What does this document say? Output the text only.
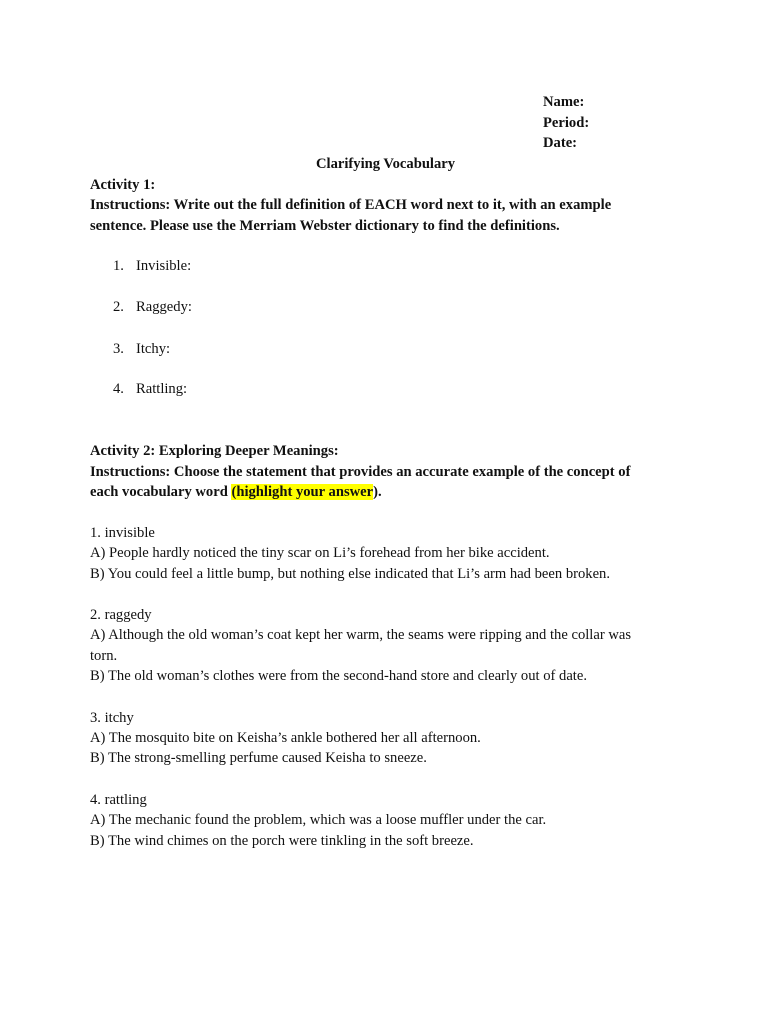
Name:
Period:
Date:
Clarifying Vocabulary
Activity 1:
Instructions: Write out the full definition of EACH word next to it, with an example
sentence. Please use the Merriam Webster dictionary to find the definitions.
1. Invisible:
2. Raggedy:
3. Itchy:
4. Rattling:
Activity 2: Exploring Deeper Meanings:
Instructions: Choose the statement that provides an accurate example of the concept of
each vocabulary word (highlight your answer).
1. invisible
A) People hardly noticed the tiny scar on Li’s forehead from her bike accident.
B) You could feel a little bump, but nothing else indicated that Li’s arm had been broken.
2. raggedy
A) Although the old woman’s coat kept her warm, the seams were ripping and the collar was
torn.
B) The old woman’s clothes were from the second-hand store and clearly out of date.
3. itchy
A) The mosquito bite on Keisha’s ankle bothered her all afternoon.
B) The strong-smelling perfume caused Keisha to sneeze.
4. rattling
A) The mechanic found the problem, which was a loose muffler under the car.
B) The wind chimes on the porch were tinkling in the soft breeze.
